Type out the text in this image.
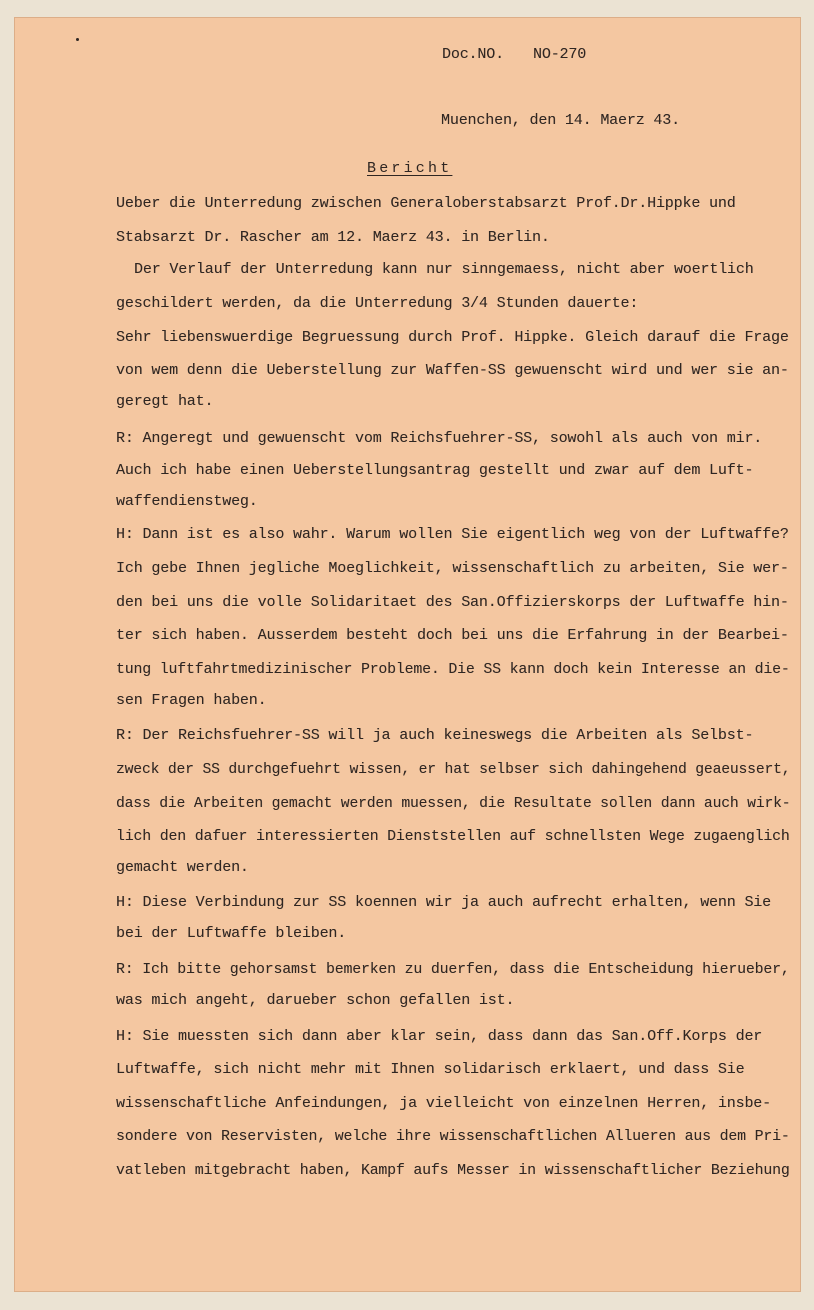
Doc.NO. NO-270

Muenchen, den 14. Maerz 43.

Bericht

Ueber die Unterredung zwischen Generaloberstabsarzt Prof.Dr.Hippke und

Stabsarzt Dr. Rascher am 12. Maerz 43. in Berlin.

Der Verlauf der Unterredung kann nur sinngemaess, nicht aber woertlich

geschildert werden, da die Unterredung 3/4 Stunden dauerte:

Sehr liebenswuerdige Begruessung durch Prof. Hippke. Gleich darauf die Frage

von wem denn die Ueberstellung zur Waffen-SS gewuenscht wird und wer sie an-

geregt hat.

R: Angeregt und gewuenscht vom Reichsfuehrer-SS, sowohl als auch von mir.

Auch ich habe einen Ueberstellungsantrag gestellt und zwar auf dem Luft-

waffendienstweg.

H: Dann ist es also wahr. Warum wollen Sie eigentlich weg von der Luftwaffe?

Ich gebe Ihnen jegliche Moeglichkeit, wissenschaftlich zu arbeiten, Sie wer-

den bei uns die volle Solidaritaet des San.Offizierskorps der Luftwaffe hin-

ter sich haben. Ausserdem besteht doch bei uns die Erfahrung in der Bearbei-

tung luftfahrtmedizinischer Probleme. Die SS kann doch kein Interesse an die-

sen Fragen haben.

R: Der Reichsfuehrer-SS will ja auch keineswegs die Arbeiten als Selbst-

zweck der SS durchgefuehrt wissen, er hat selbser sich dahingehend geaeussert,

dass die Arbeiten gemacht werden muessen, die Resultate sollen dann auch wirk-

lich den dafuer interessierten Dienststellen auf schnellsten Wege zugaenglich

gemacht werden.

H: Diese Verbindung zur SS koennen wir ja auch aufrecht erhalten, wenn Sie

bei der Luftwaffe bleiben.

R: Ich bitte gehorsamst bemerken zu duerfen, dass die Entscheidung hierueber,

was mich angeht, darueber schon gefallen ist.

H: Sie muessten sich dann aber klar sein, dass dann das San.Off.Korps der

Luftwaffe, sich nicht mehr mit Ihnen solidarisch erklaert, und dass Sie

wissenschaftliche Anfeindungen, ja vielleicht von einzelnen Herren, insbe-

sondere von Reservisten, welche ihre wissenschaftlichen Allueren aus dem Pri-

vatleben mitgebracht haben, Kampf aufs Messer in wissenschaftlicher Beziehung
